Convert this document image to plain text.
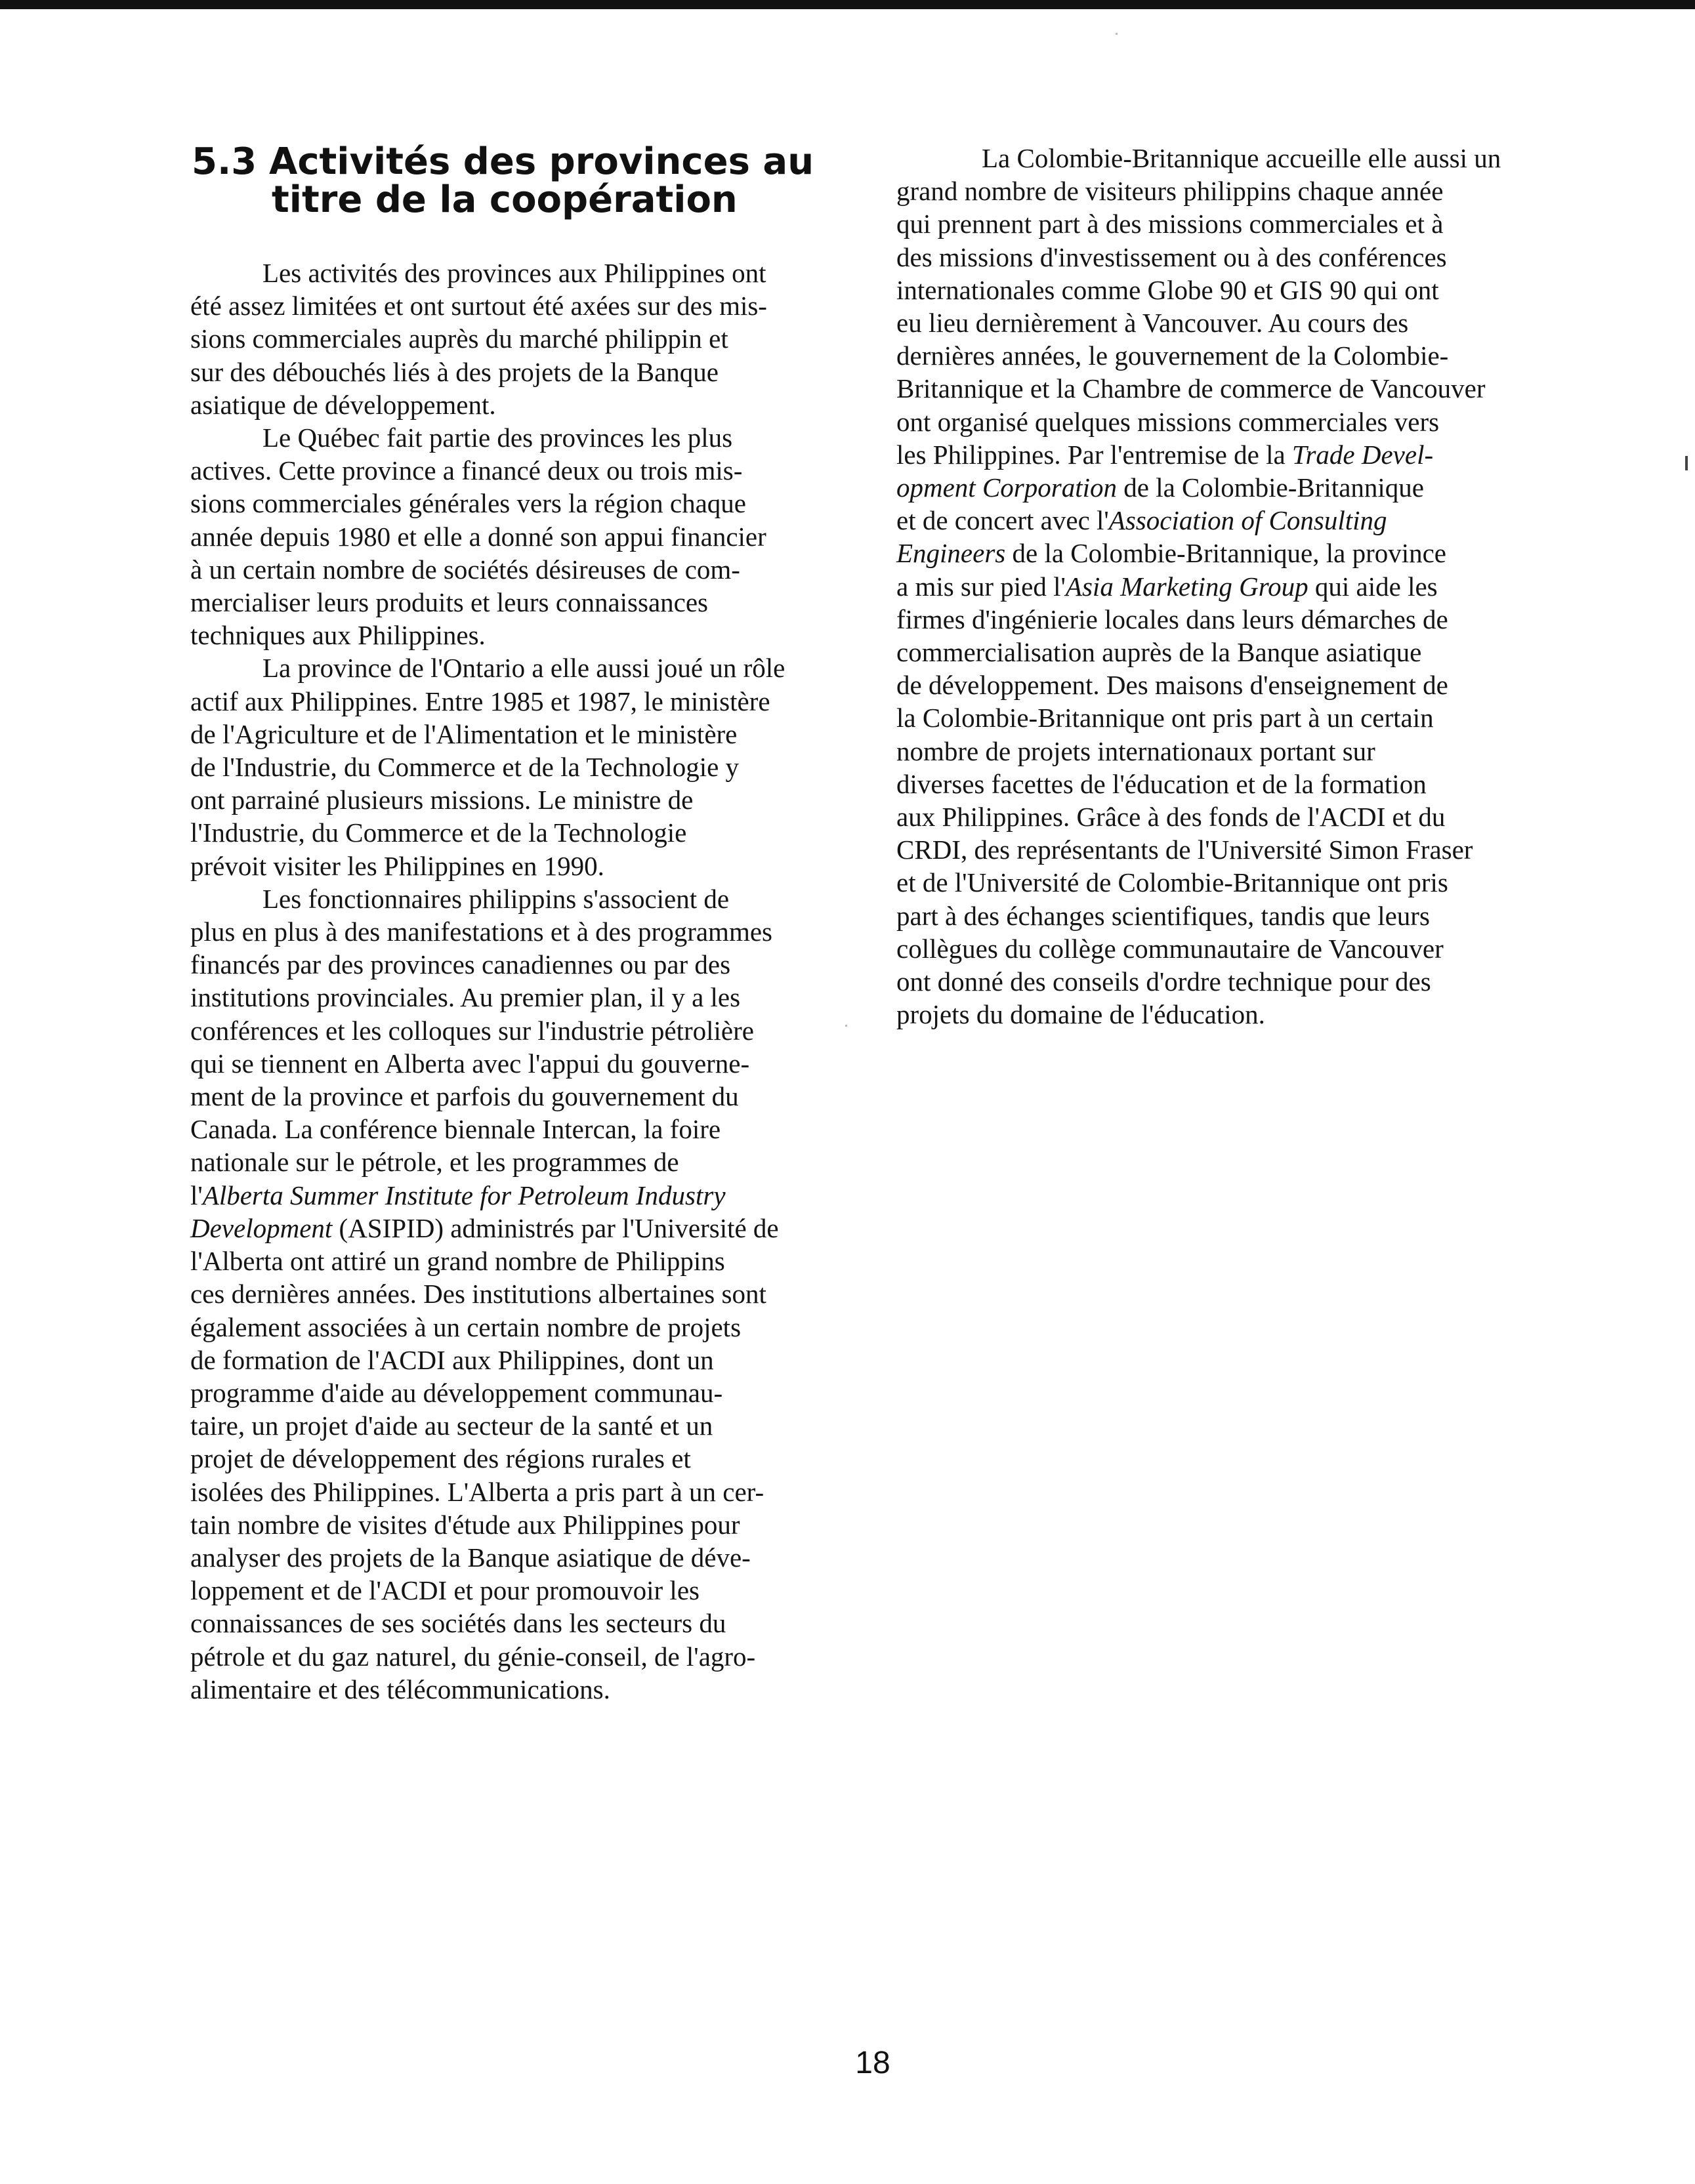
5.3 Activités des provinces au
titre de la coopération
Les activités des provinces aux Philippines ont
été assez limitées et ont surtout été axées sur des mis-
sions commerciales auprès du marché philippin et
sur des débouchés liés à des projets de la Banque
asiatique de développement.
Le Québec fait partie des provinces les plus
actives. Cette province a financé deux ou trois mis-
sions commerciales générales vers la région chaque
année depuis 1980 et elle a donné son appui financier
à un certain nombre de sociétés désireuses de com-
mercialiser leurs produits et leurs connaissances
techniques aux Philippines.
La province de l'Ontario a elle aussi joué un rôle
actif aux Philippines. Entre 1985 et 1987, le ministère
de l'Agriculture et de l'Alimentation et le ministère
de l'Industrie, du Commerce et de la Technologie y
ont parrainé plusieurs missions. Le ministre de
l'Industrie, du Commerce et de la Technologie
prévoit visiter les Philippines en 1990.
Les fonctionnaires philippins s'associent de
plus en plus à des manifestations et à des programmes
financés par des provinces canadiennes ou par des
institutions provinciales. Au premier plan, il y a les
conférences et les colloques sur l'industrie pétrolière
qui se tiennent en Alberta avec l'appui du gouverne-
ment de la province et parfois du gouvernement du
Canada. La conférence biennale Intercan, la foire
nationale sur le pétrole, et les programmes de
l'Alberta Summer Institute for Petroleum Industry
Development (ASIPID) administrés par l'Université de
l'Alberta ont attiré un grand nombre de Philippins
ces dernières années. Des institutions albertaines sont
également associées à un certain nombre de projets
de formation de l'ACDI aux Philippines, dont un
programme d'aide au développement communau-
taire, un projet d'aide au secteur de la santé et un
projet de développement des régions rurales et
isolées des Philippines. L'Alberta a pris part à un cer-
tain nombre de visites d'étude aux Philippines pour
analyser des projets de la Banque asiatique de déve-
loppement et de l'ACDI et pour promouvoir les
connaissances de ses sociétés dans les secteurs du
pétrole et du gaz naturel, du génie-conseil, de l'agro-
alimentaire et des télécommunications.
La Colombie-Britannique accueille elle aussi un
grand nombre de visiteurs philippins chaque année
qui prennent part à des missions commerciales et à
des missions d'investissement ou à des conférences
internationales comme Globe 90 et GIS 90 qui ont
eu lieu dernièrement à Vancouver. Au cours des
dernières années, le gouvernement de la Colombie-
Britannique et la Chambre de commerce de Vancouver
ont organisé quelques missions commerciales vers
les Philippines. Par l'entremise de la Trade Devel-
opment Corporation de la Colombie-Britannique
et de concert avec l'Association of Consulting
Engineers de la Colombie-Britannique, la province
a mis sur pied l'Asia Marketing Group qui aide les
firmes d'ingénierie locales dans leurs démarches de
commercialisation auprès de la Banque asiatique
de développement. Des maisons d'enseignement de
la Colombie-Britannique ont pris part à un certain
nombre de projets internationaux portant sur
diverses facettes de l'éducation et de la formation
aux Philippines. Grâce à des fonds de l'ACDI et du
CRDI, des représentants de l'Université Simon Fraser
et de l'Université de Colombie-Britannique ont pris
part à des échanges scientifiques, tandis que leurs
collègues du collège communautaire de Vancouver
ont donné des conseils d'ordre technique pour des
projets du domaine de l'éducation.
18
